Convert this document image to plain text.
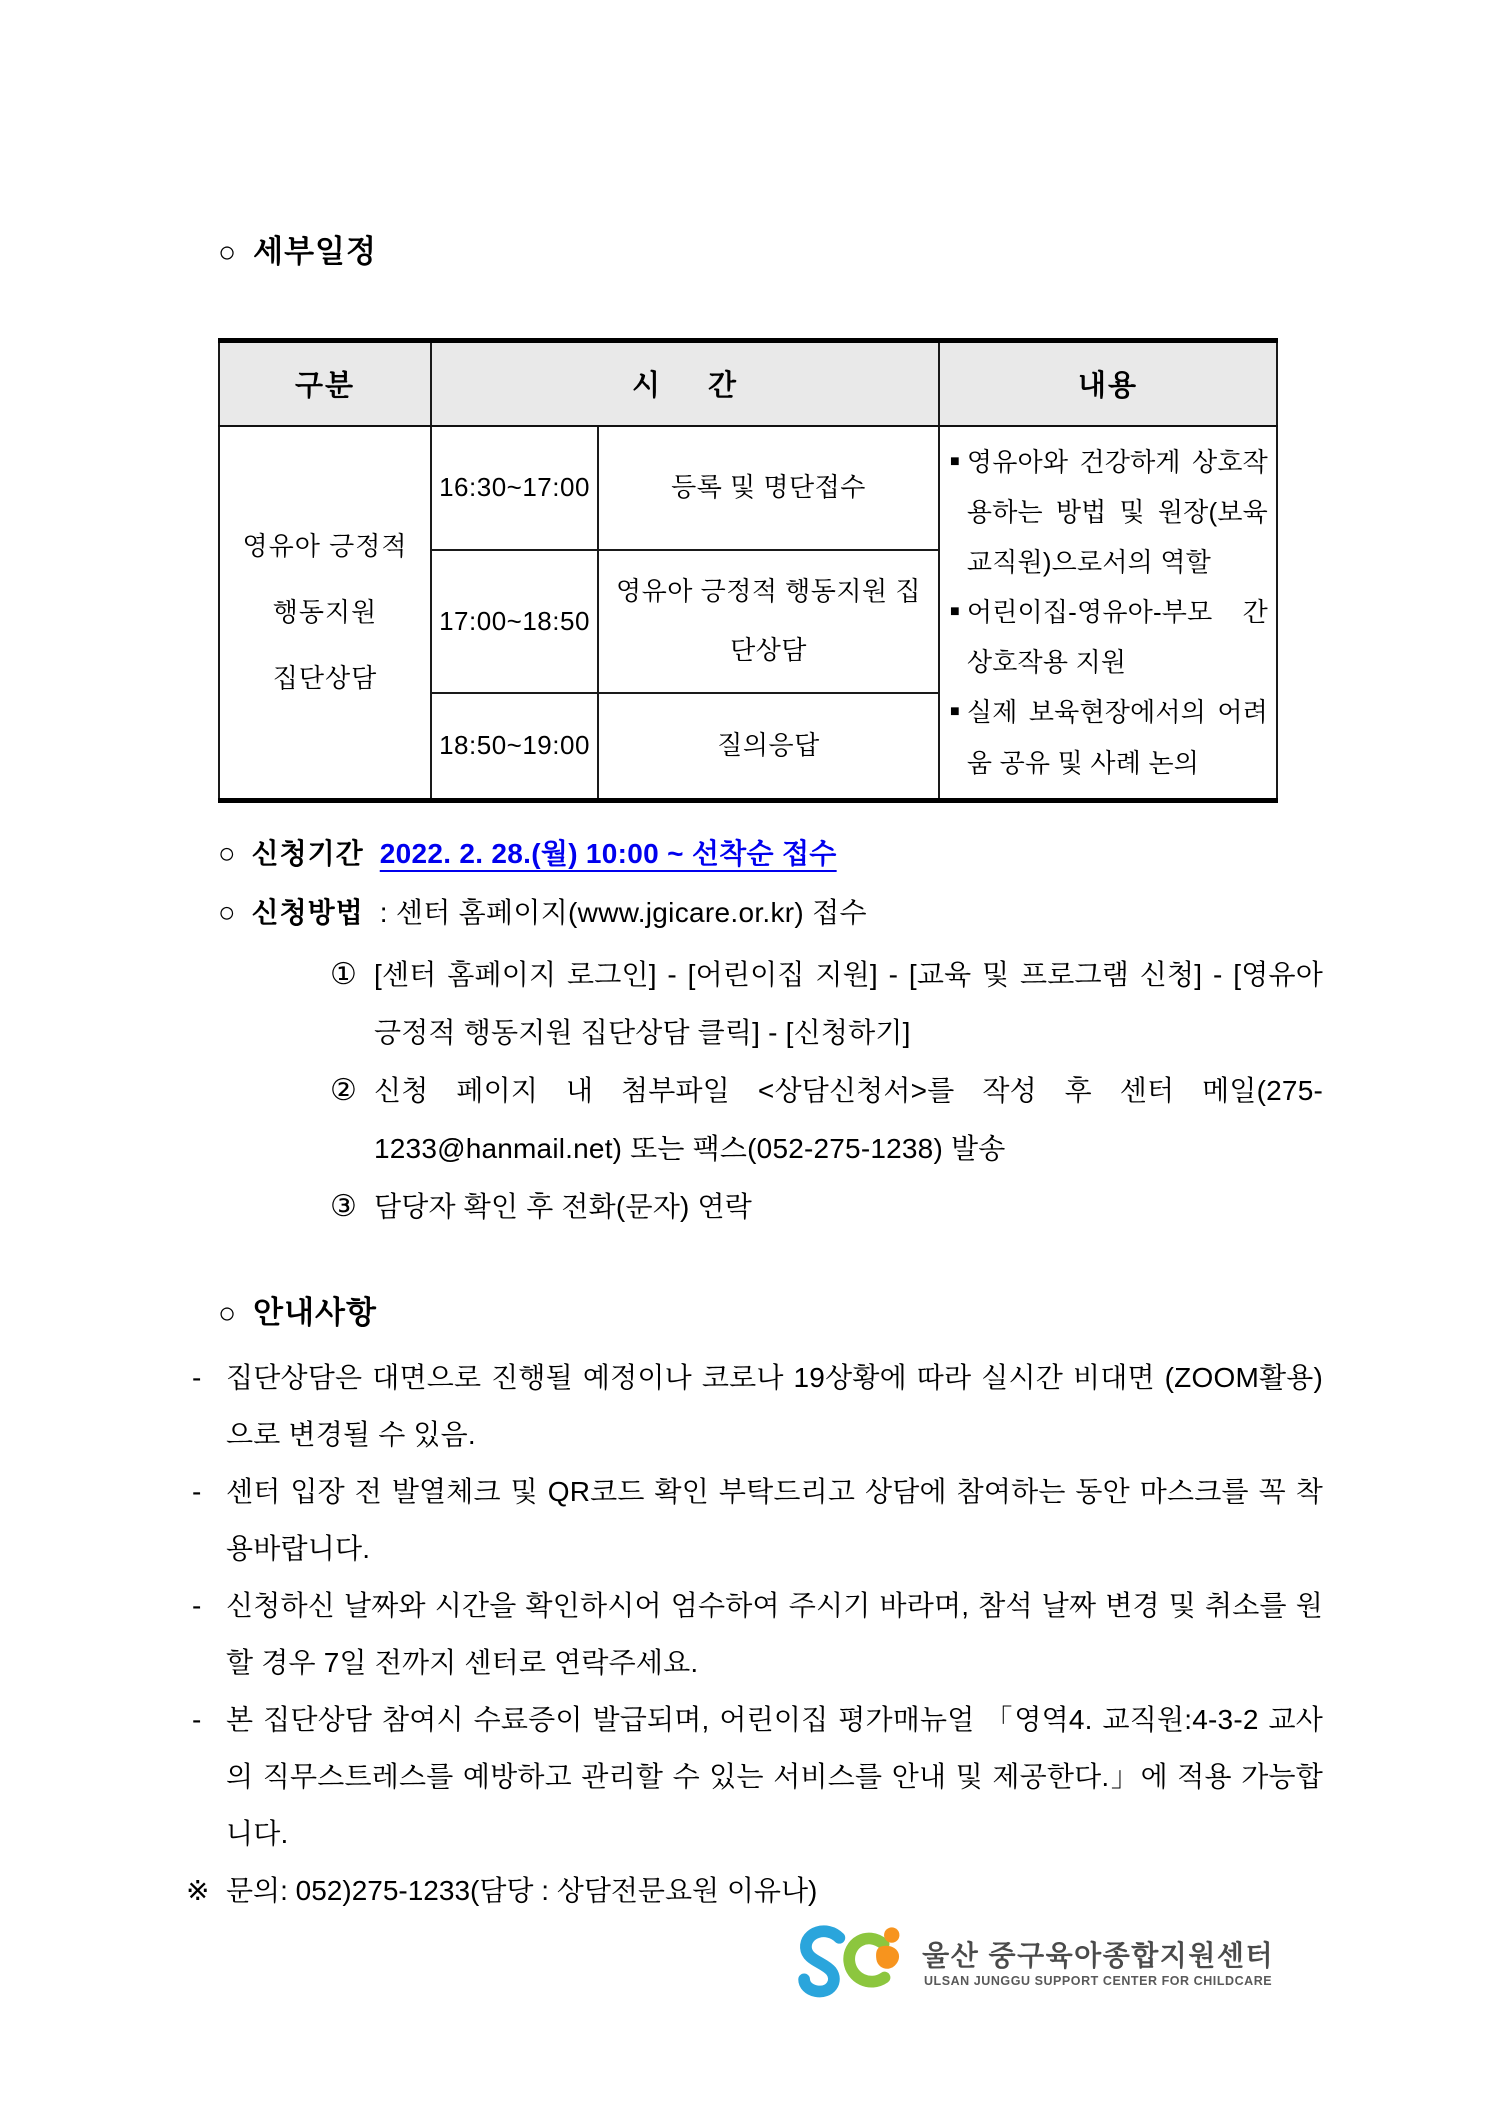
○ 세부일정
구분	시 간		내용

영유아 긍정적
행동지원
집단상담
	16:30~17:00	등록 및 명단접수	
■ 영유아와 건강하게 상호작용하는 방법 및 원장(보육교직원)으로서의 역할
■ 어린이집-영유아-부모 간 상호작용 지원
■ 실제 보육현장에서의 어려움 공유 및 사례 논의

	17:00~18:50	영유아 긍정적 행동지원 집단상담	
	18:50~19:00	질의응답	
○ 신청기간 2022. 2. 28.(월) 10:00 ~ 선착순 접수
○ 신청방법 : 센터 홈페이지(www.jgicare.or.kr) 접수
① [센터 홈페이지 로그인] - [어린이집 지원] - [교육 및 프로그램 신청] - [영유아 긍정적 행동지원 집단상담 클릭] - [신청하기]
② 신청 페이지 내 첨부파일 <상담신청서>를 작성 후 센터 메일(275-1233@hanmail.net) 또는 팩스(052-275-1238) 발송
③ 담당자 확인 후 전화(문자) 연락
○ 안내사항
- 집단상담은 대면으로 진행될 예정이나 코로나 19상황에 따라 실시간 비대면 (ZOOM활용)으로 변경될 수 있음.
- 센터 입장 전 발열체크 및 QR코드 확인 부탁드리고 상담에 참여하는 동안 마스크를 꼭 착용바랍니다.
- 신청하신 날짜와 시간을 확인하시어 엄수하여 주시기 바라며, 참석 날짜 변경 및 취소를 원할 경우 7일 전까지 센터로 연락주세요.
- 본 집단상담 참여시 수료증이 발급되며, 어린이집 평가매뉴얼 「영역4. 교직원:4-3-2 교사의 직무스트레스를 예방하고 관리할 수 있는 서비스를 안내 및 제공한다.」에 적용 가능합니다.
※ 문의: 052)275-1233(담당 : 상담전문요원 이유나)
울산 중구육아종합지원센터
ULSAN JUNGGU SUPPORT CENTER FOR CHILDCARE
